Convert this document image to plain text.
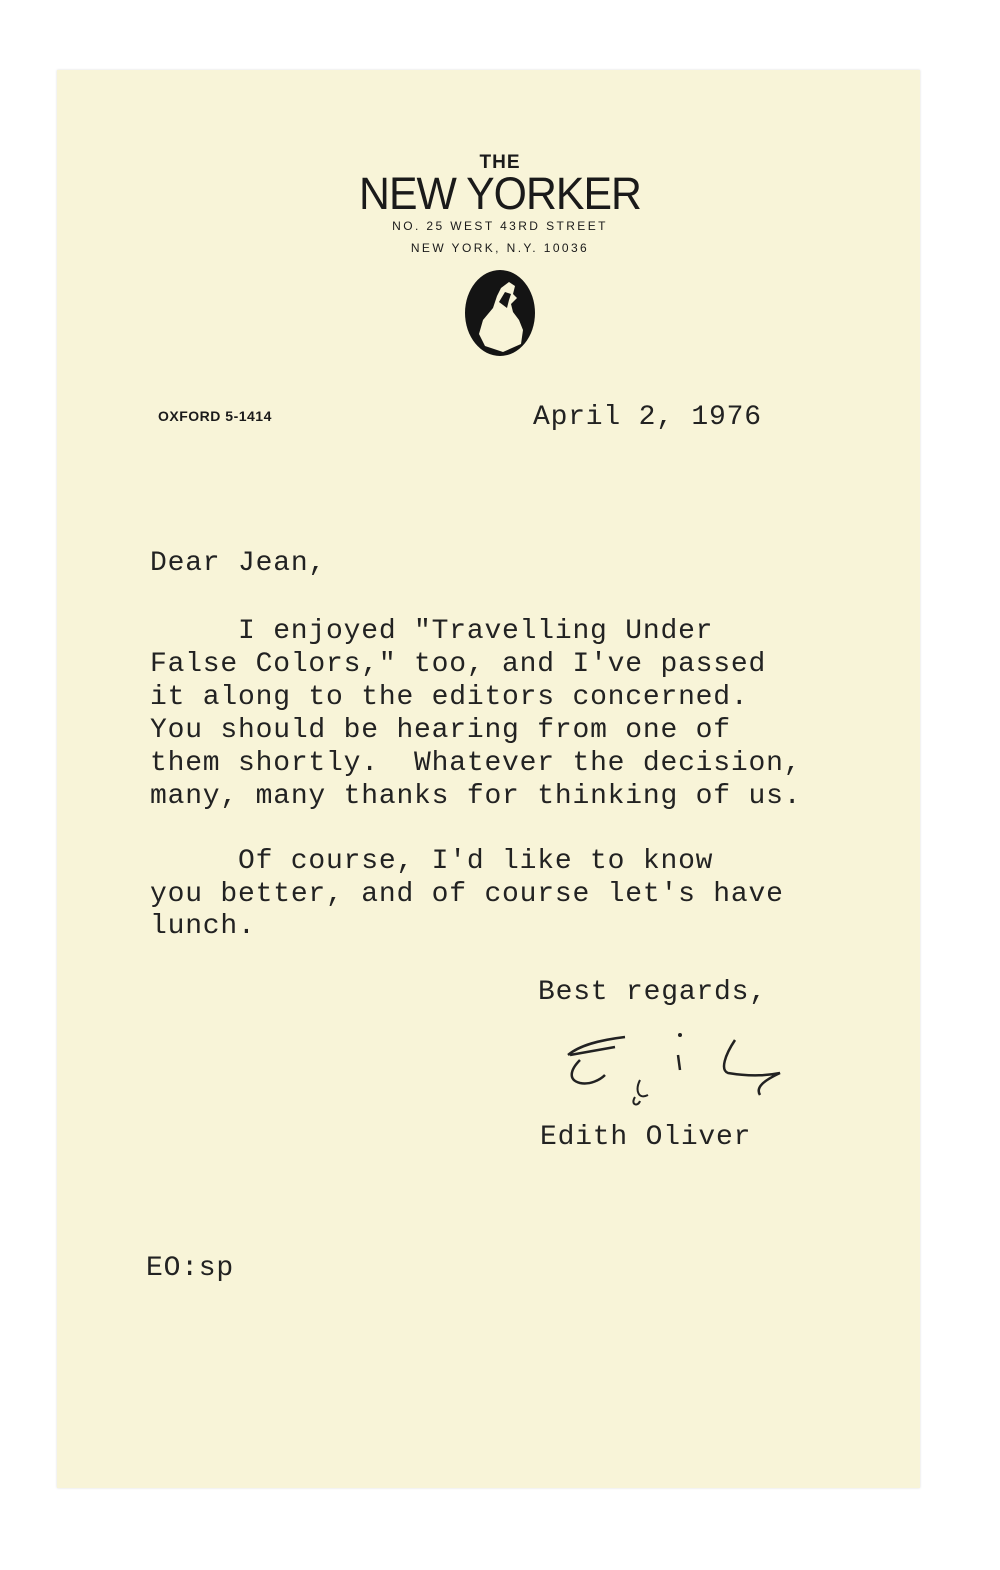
THE
NEW YORKER
NO. 25 WEST 43RD STREET
NEW YORK, N.Y. 10036
OXFORD 5-1414	April 2, 1976
Dear Jean,
I enjoyed "Travelling Under
False Colors," too, and I've passed
it along to the editors concerned.
You should be hearing from one of
them shortly.  Whatever the decision,
many, many thanks for thinking of us.
Of course, I'd like to know
you better, and of course let's have
lunch.
Best regards,
Edith Oliver
EO:sp
